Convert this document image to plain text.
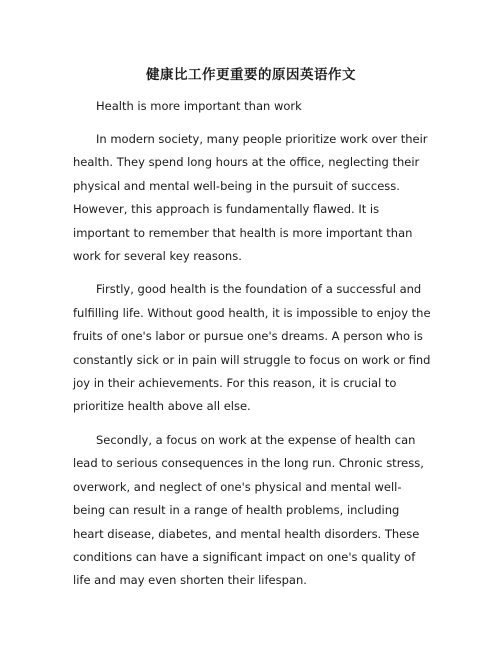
健康比工作更重要的原因英语作文
Health is more important than work

In modern society, many people prioritize work over their health. They spend long hours at the office, neglecting their physical and mental well-being in the pursuit of success. However, this approach is fundamentally flawed. It is important to remember that health is more important than work for several key reasons.

Firstly, good health is the foundation of a successful and fulfilling life. Without good health, it is impossible to enjoy the fruits of one's labor or pursue one's dreams. A person who is constantly sick or in pain will struggle to focus on work or find joy in their achievements. For this reason, it is crucial to prioritize health above all else.

Secondly, a focus on work at the expense of health can lead to serious consequences in the long run. Chronic stress, overwork, and neglect of one's physical and mental well-being can result in a range of health problems, including heart disease, diabetes, and mental health disorders. These conditions can have a significant impact on one's quality of life and may even shorten their lifespan.
